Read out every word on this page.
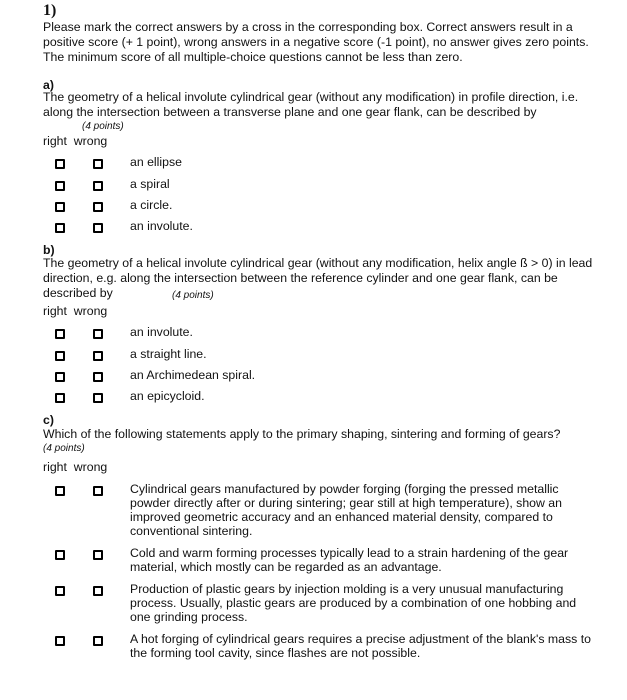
1)
Please mark the correct answers by a cross in the corresponding box. Correct answers result in a positive score (+ 1 point), wrong answers in a negative score (-1 point), no answer gives zero points. The minimum score of all multiple-choice questions cannot be less than zero.
a)
The geometry of a helical involute cylindrical gear (without any modification) in profile direction, i.e. along the intersection between a transverse plane and one gear flank, can be described by
(4 points)
right wrong
an ellipse
a spiral
a circle.
an involute.
b)
The geometry of a helical involute cylindrical gear (without any modification, helix angle ß > 0) in lead direction, e.g. along the intersection between the reference cylinder and one gear flank, can be described by	(4 points)
right wrong
an involute.
a straight line.
an Archimedean spiral.
an epicycloid.
c)
Which of the following statements apply to the primary shaping, sintering and forming of gears?
(4 points)
right wrong
Cylindrical gears manufactured by powder forging (forging the pressed metallic powder directly after or during sintering; gear still at high temperature), show an improved geometric accuracy and an enhanced material density, compared to conventional sintering.
Cold and warm forming processes typically lead to a strain hardening of the gear material, which mostly can be regarded as an advantage.
Production of plastic gears by injection molding is a very unusual manufacturing process. Usually, plastic gears are produced by a combination of one hobbing and one grinding process.
A hot forging of cylindrical gears requires a precise adjustment of the blank's mass to the forming tool cavity, since flashes are not possible.
